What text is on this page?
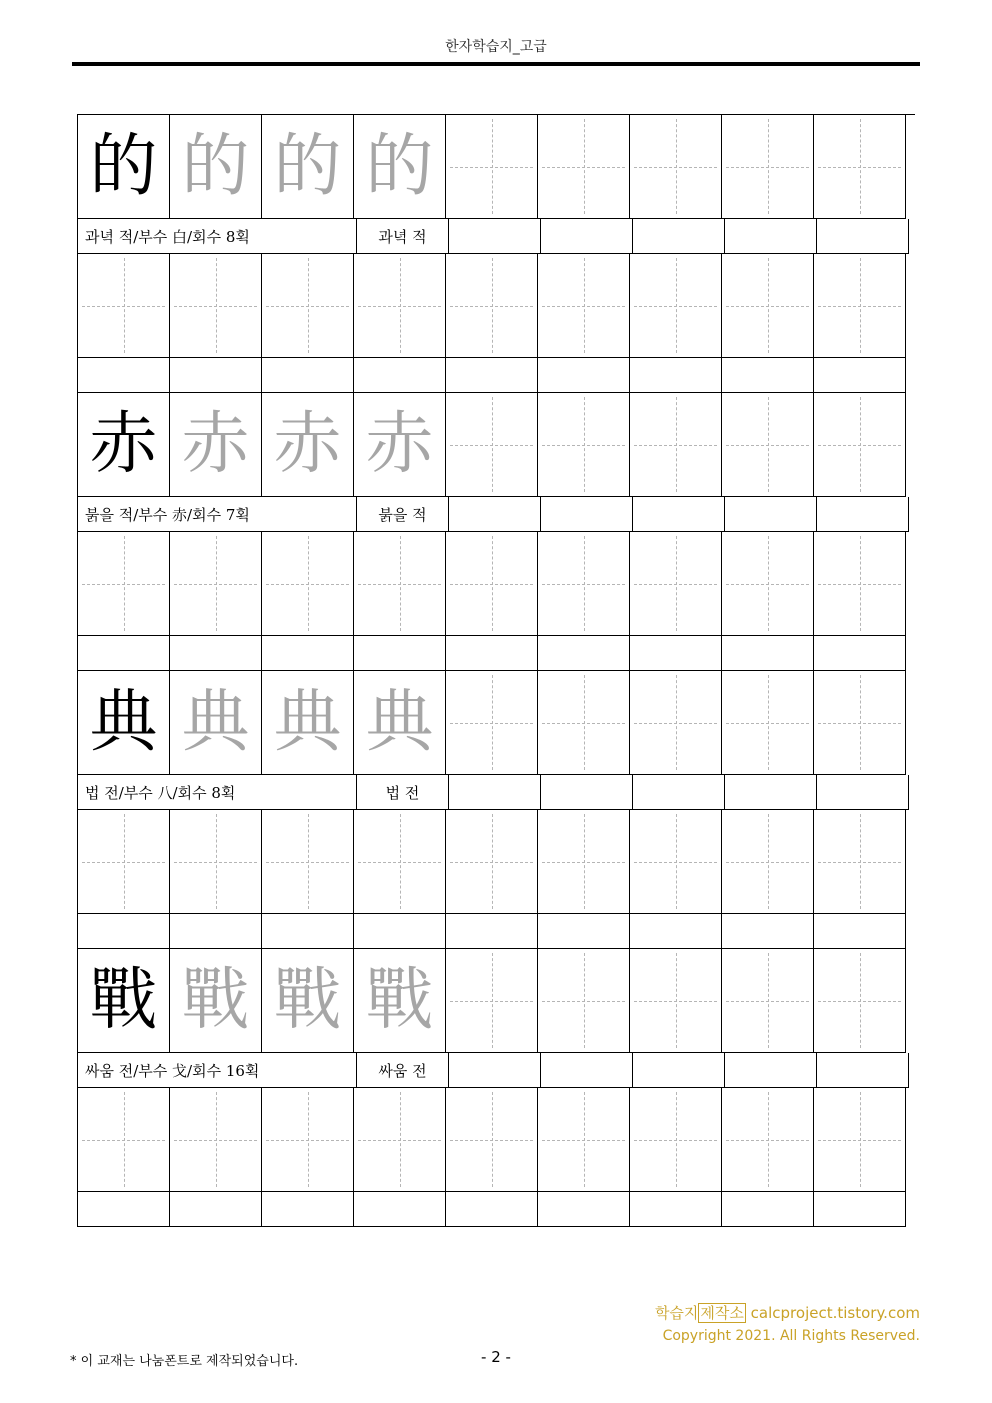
한자학습지_고급
的 的 的 的
과녁 적/부수 白/회수 8획	과녁 적
赤 赤 赤 赤
붉을 적/부수 赤/회수 7획	붉을 적
典 典 典 典
법 전/부수 八/회수 8획	법 전
戰 戰 戰 戰
싸움 전/부수 戈/회수 16획	싸움 전
학습지 제작소 calcproject.tistory.com
Copyright 2021. All Rights Reserved.
* 이 교재는 나눔폰트로 제작되었습니다.	- 2 -
